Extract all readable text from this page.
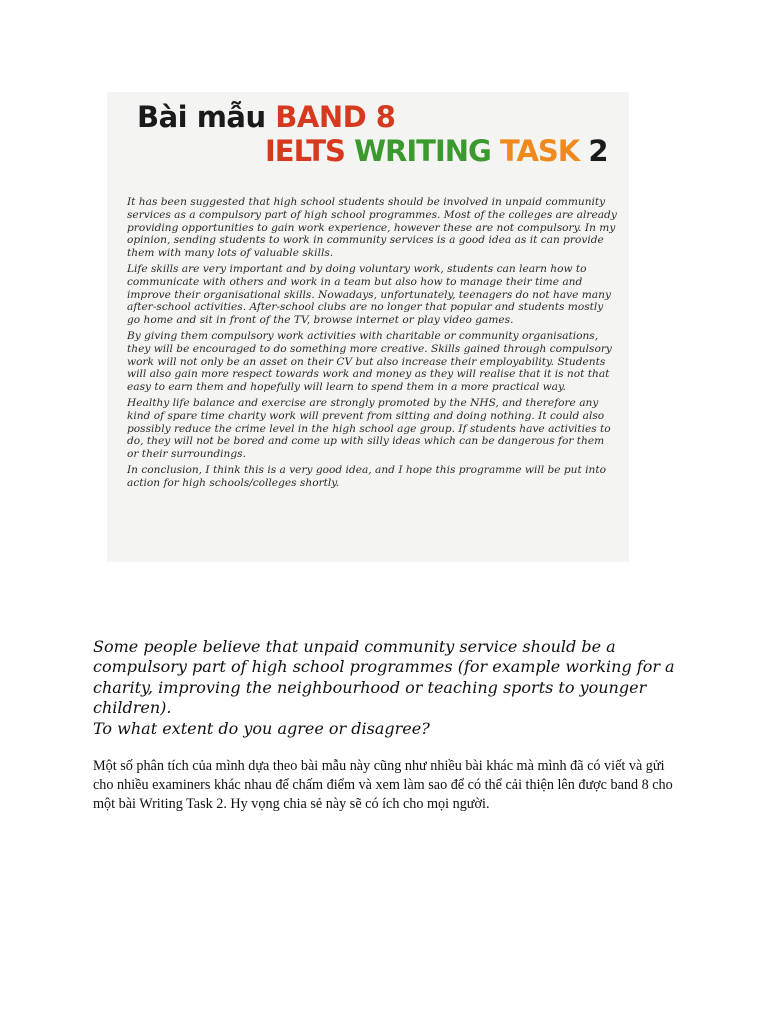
Bài mẫu BAND 8
IELTS WRITING TASK 2

It has been suggested that high school students should be involved in unpaid community services as a compulsory part of high school programmes. Most of the colleges are already providing opportunities to gain work experience, however these are not compulsory. In my opinion, sending students to work in community services is a good idea as it can provide them with many lots of valuable skills.

Life skills are very important and by doing voluntary work, students can learn how to communicate with others and work in a team but also how to manage their time and improve their organisational skills. Nowadays, unfortunately, teenagers do not have many after-school activities. After-school clubs are no longer that popular and students mostly go home and sit in front of the TV, browse internet or play video games.

By giving them compulsory work activities with charitable or community organisations, they will be encouraged to do something more creative. Skills gained through compulsory work will not only be an asset on their CV but also increase their employability. Students will also gain more respect towards work and money as they will realise that it is not that easy to earn them and hopefully will learn to spend them in a more practical way.

Healthy life balance and exercise are strongly promoted by the NHS, and therefore any kind of spare time charity work will prevent from sitting and doing nothing. It could also possibly reduce the crime level in the high school age group. If students have activities to do, they will not be bored and come up with silly ideas which can be dangerous for them or their surroundings.

In conclusion, I think this is a very good idea, and I hope this programme will be put into action for high schools/colleges shortly.

Some people believe that unpaid community service should be a compulsory part of high school programmes (for example working for a charity, improving the neighbourhood or teaching sports to younger children).

To what extent do you agree or disagree?

Một số phân tích của mình dựa theo bài mẫu này cũng như nhiều bài khác mà mình đã có viết và gửi cho nhiều examiners khác nhau để chấm điểm và xem làm sao để có thể cải thiện lên được band 8 cho một bài Writing Task 2. Hy vọng chia sẻ này sẽ có ích cho mọi người.
